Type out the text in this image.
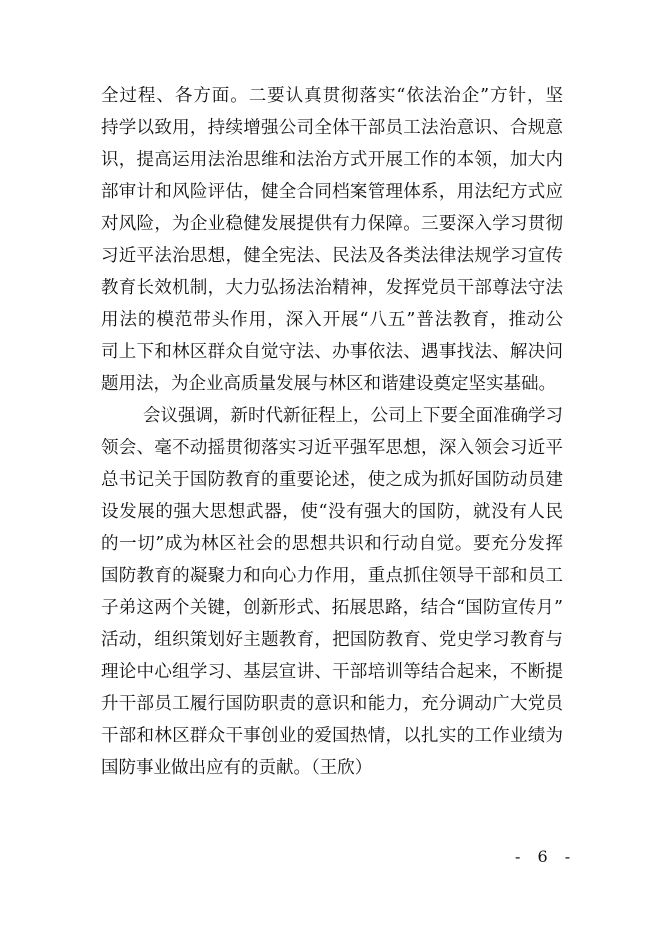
全过程、各方面。二要认真贯彻落实“依法治企”方针，坚
持学以致用，持续增强公司全体干部员工法治意识、合规意
识，提高运用法治思维和法治方式开展工作的本领，加大内
部审计和风险评估，健全合同档案管理体系，用法纪方式应
对风险，为企业稳健发展提供有力保障。三要深入学习贯彻
习近平法治思想，健全宪法、民法及各类法律法规学习宣传
教育长效机制，大力弘扬法治精神，发挥党员干部尊法守法
用法的模范带头作用，深入开展“八五”普法教育，推动公
司上下和林区群众自觉守法、办事依法、遇事找法、解决问
题用法，为企业高质量发展与林区和谐建设奠定坚实基础。
会议强调，新时代新征程上，公司上下要全面准确学习
领会、毫不动摇贯彻落实习近平强军思想，深入领会习近平
总书记关于国防教育的重要论述，使之成为抓好国防动员建
设发展的强大思想武器，使“没有强大的国防，就没有人民
的一切”成为林区社会的思想共识和行动自觉。要充分发挥
国防教育的凝聚力和向心力作用，重点抓住领导干部和员工
子弟这两个关键，创新形式、拓展思路，结合“国防宣传月”
活动，组织策划好主题教育，把国防教育、党史学习教育与
理论中心组学习、基层宣讲、干部培训等结合起来，不断提
升干部员工履行国防职责的意识和能力，充分调动广大党员
干部和林区群众干事创业的爱国热情，以扎实的工作业绩为
国防事业做出应有的贡献。（王欣）
- 6 -
